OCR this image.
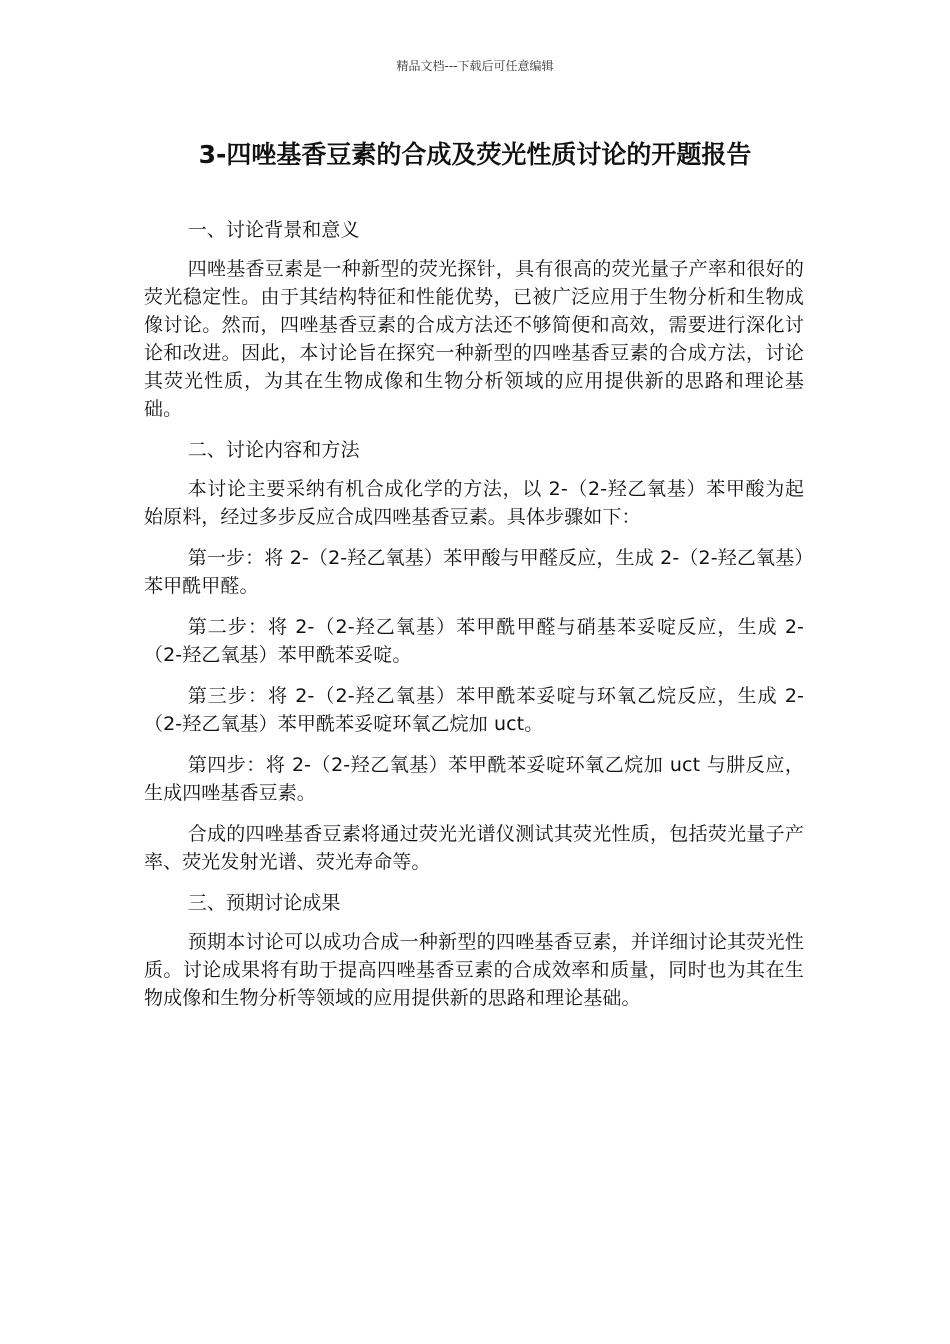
精品文档---下载后可任意编辑
3-四唑基香豆素的合成及荧光性质讨论的开题报告

一、讨论背景和意义

四唑基香豆素是一种新型的荧光探针，具有很高的荧光量子产率和很好的荧光稳定性。由于其结构特征和性能优势，已被广泛应用于生物分析和生物成像讨论。然而，四唑基香豆素的合成方法还不够简便和高效，需要进行深化讨论和改进。因此，本讨论旨在探究一种新型的四唑基香豆素的合成方法，讨论其荧光性质，为其在生物成像和生物分析领域的应用提供新的思路和理论基础。

二、讨论内容和方法

本讨论主要采纳有机合成化学的方法，以 2-（2-羟乙氧基）苯甲酸为起始原料，经过多步反应合成四唑基香豆素。具体步骤如下：

第一步：将 2-（2-羟乙氧基）苯甲酸与甲醛反应，生成 2-（2-羟乙氧基）苯甲酰甲醛。

第二步：将 2-（2-羟乙氧基）苯甲酰甲醛与硝基苯妥啶反应，生成 2-（2-羟乙氧基）苯甲酰苯妥啶。

第三步：将 2-（2-羟乙氧基）苯甲酰苯妥啶与环氧乙烷反应，生成 2-（2-羟乙氧基）苯甲酰苯妥啶环氧乙烷加 uct。

第四步：将 2-（2-羟乙氧基）苯甲酰苯妥啶环氧乙烷加 uct 与肼反应，生成四唑基香豆素。

合成的四唑基香豆素将通过荧光光谱仪测试其荧光性质，包括荧光量子产率、荧光发射光谱、荧光寿命等。

三、预期讨论成果

预期本讨论可以成功合成一种新型的四唑基香豆素，并详细讨论其荧光性质。讨论成果将有助于提高四唑基香豆素的合成效率和质量，同时也为其在生物成像和生物分析等领域的应用提供新的思路和理论基础。
